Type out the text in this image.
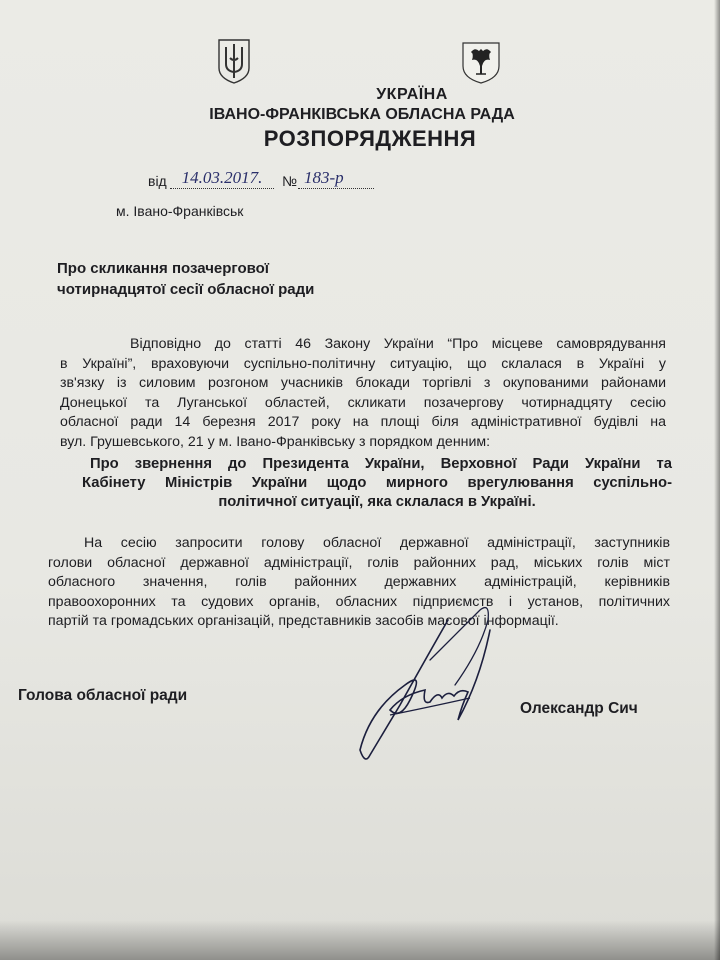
УКРАЇНА
ІВАНО-ФРАНКІВСЬКА ОБЛАСНА РАДА
РОЗПОРЯДЖЕННЯ
від 14.03.2017.	№ 183-р
м. Івано-Франківськ
Про скликання позачергової
чотирнадцятої сесії обласної ради
Відповідно до статті 46 Закону України “Про місцеве самоврядування
в Україні”, враховуючи суспільно-політичну ситуацію, що склалася в Україні у
зв'язку із силовим розгоном учасників блокади торгівлі з окупованими районами
Донецької та Луганської областей, скликати позачергову чотирнадцяту сесію
обласної ради 14 березня 2017 року на площі біля адміністративної будівлі на
вул. Грушевського, 21 у м. Івано-Франківську з порядком денним:
Про звернення до Президента України, Верховної Ради України та
Кабінету Міністрів України щодо мирного врегулювання суспільно-
політичної ситуації, яка склалася в Україні.
На сесію запросити голову обласної державної адміністрації, заступників
голови обласної державної адміністрації, голів районних рад, міських голів міст
обласного значення, голів районних державних адміністрацій, керівників
правоохоронних та судових органів, обласних підприємств і установ, політичних
партій та громадських організацій, представників засобів масової інформації.
Голова обласної ради
Олександр Сич
